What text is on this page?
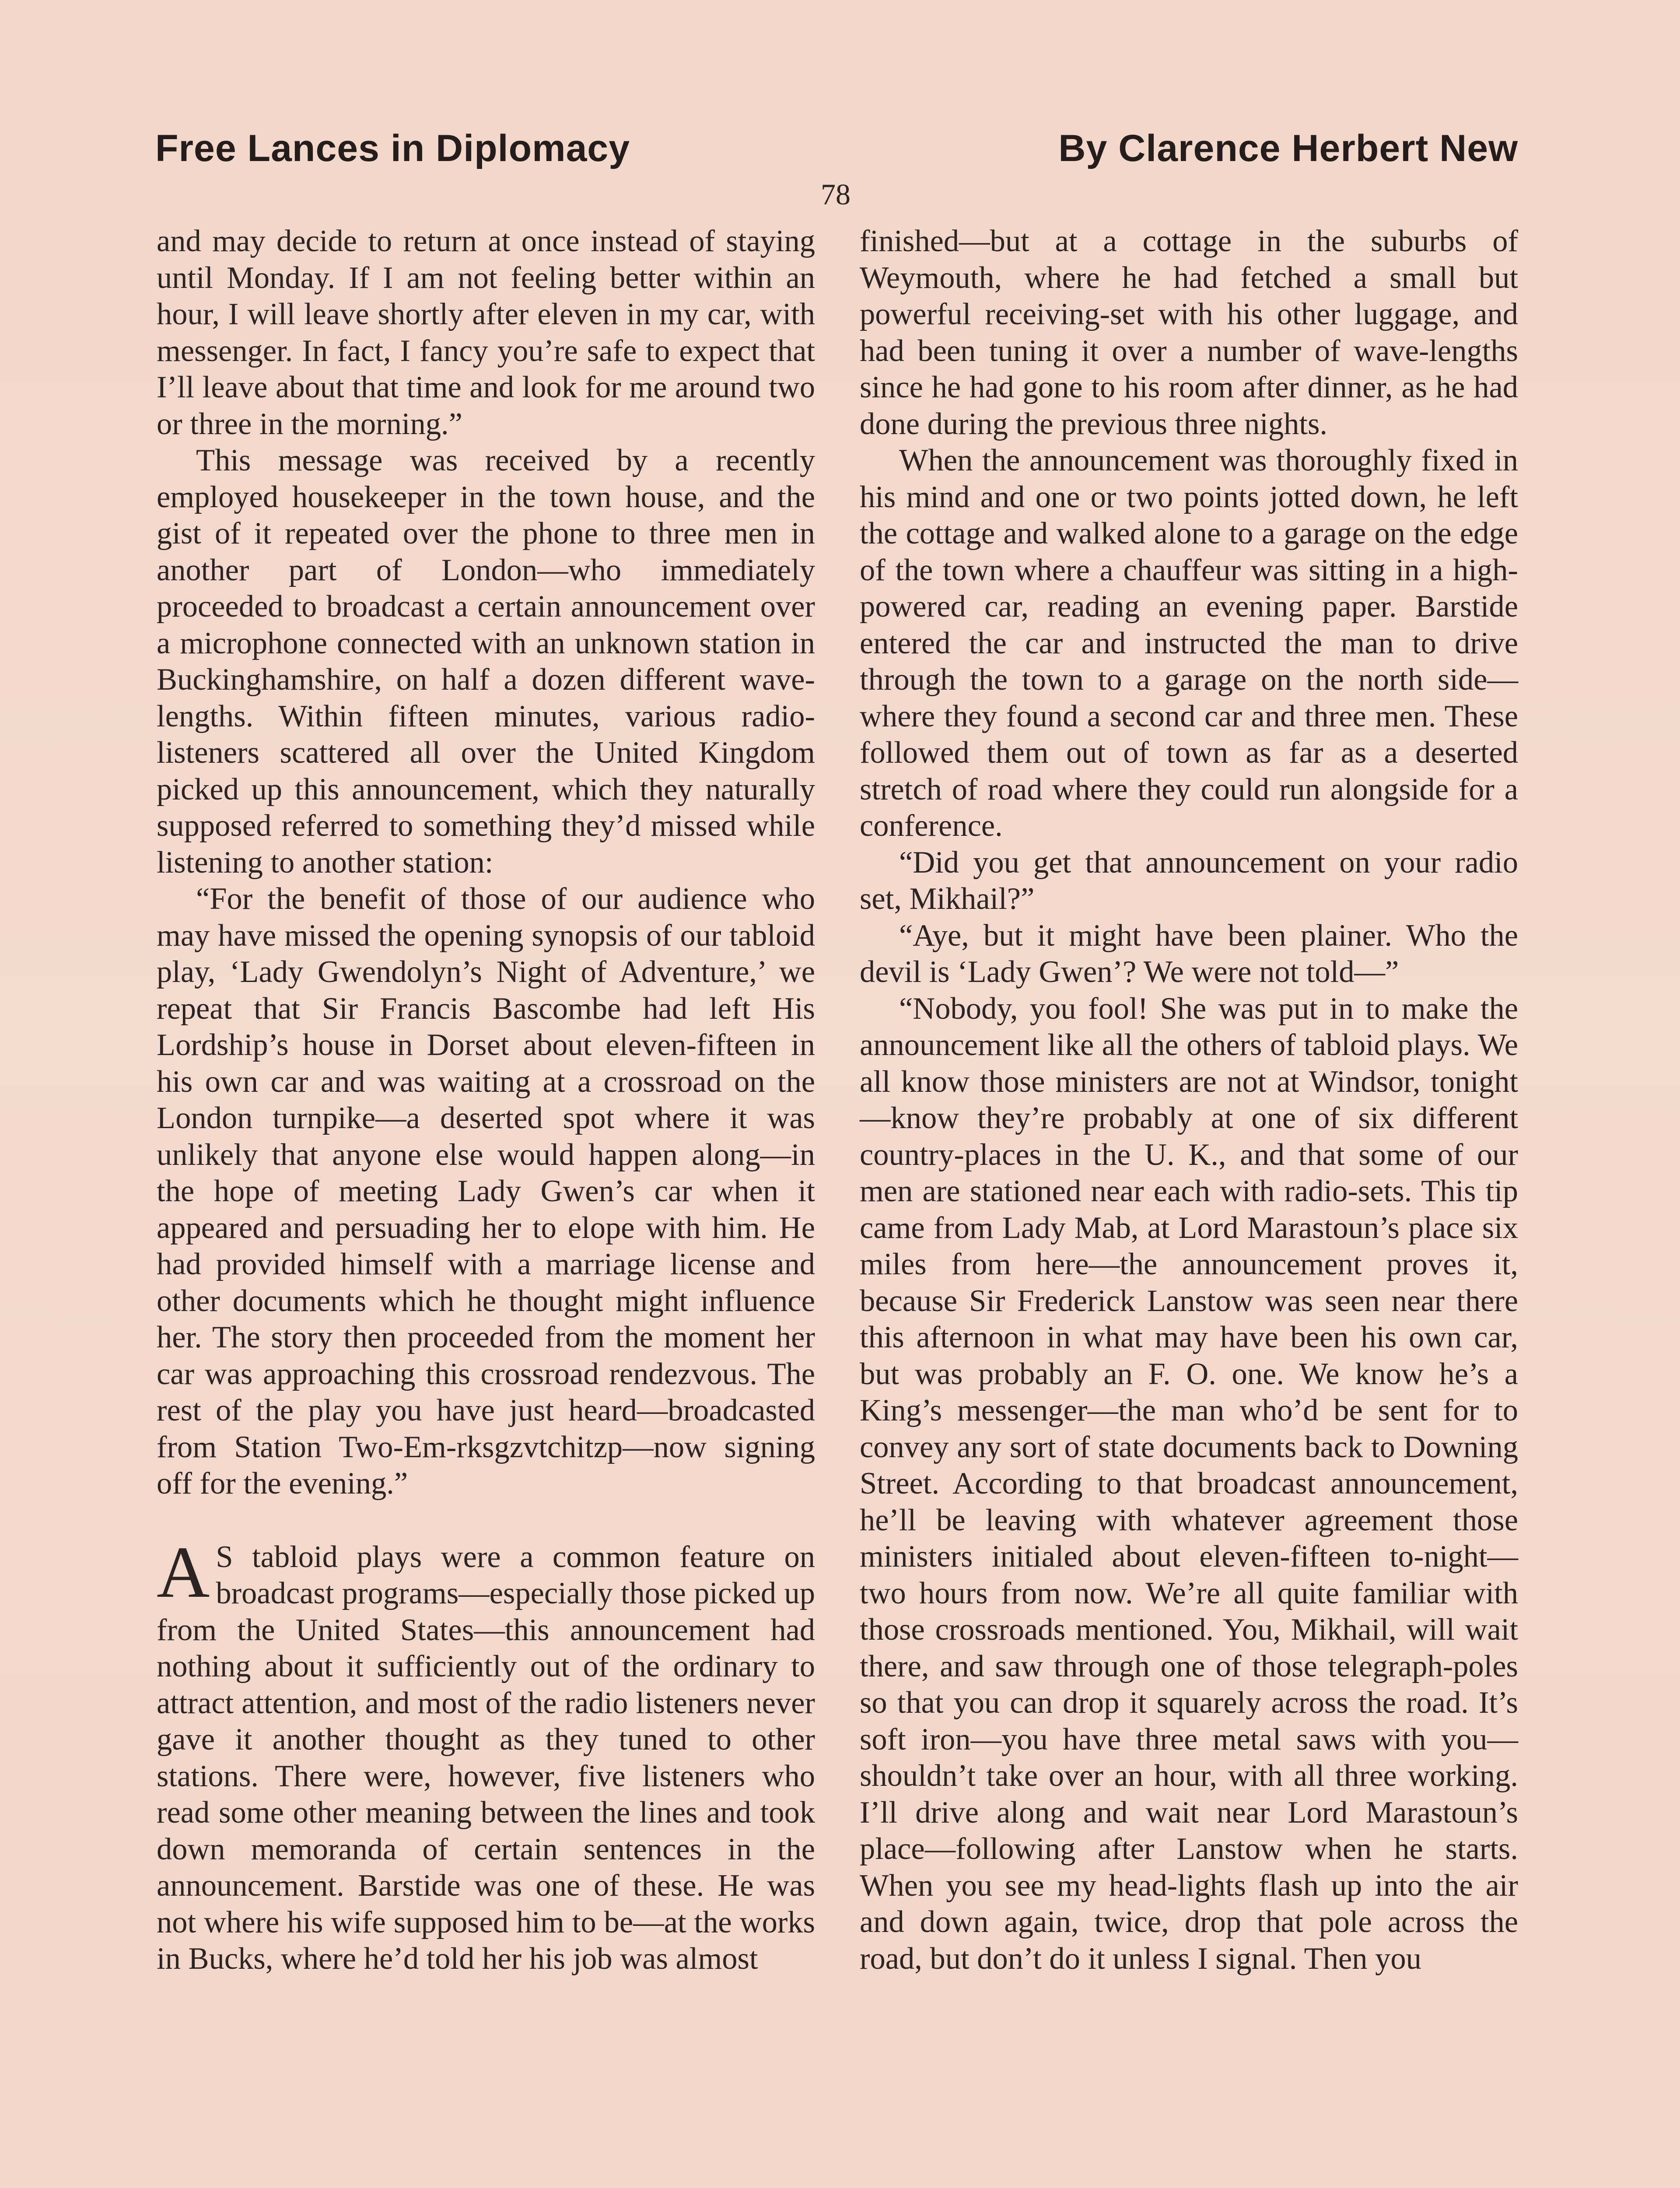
Free Lances in Diplomacy	By Clarence Herbert New
78

and may decide to return at once instead of staying until Monday. If I am not feeling better within an hour, I will leave shortly after eleven in my car, with messenger. In fact, I fancy you’re safe to expect that I’ll leave about that time and look for me around two or three in the morning.”

This message was received by a recently employed housekeeper in the town house, and the gist of it repeated over the phone to three men in another part of London—who immediately proceeded to broadcast a certain announcement over a microphone connected with an unknown station in Buckinghamshire, on half a dozen different wave-lengths. Within fifteen minutes, various radio-listeners scattered all over the United Kingdom picked up this announcement, which they naturally supposed referred to something they’d missed while listening to another station:

“For the benefit of those of our audience who may have missed the opening synopsis of our tabloid play, ‘Lady Gwendolyn’s Night of Adventure,’ we repeat that Sir Francis Bascombe had left His Lordship’s house in Dorset about eleven-fifteen in his own car and was waiting at a crossroad on the London turnpike—a deserted spot where it was unlikely that anyone else would happen along—in the hope of meeting Lady Gwen’s car when it appeared and persuading her to elope with him. He had provided himself with a marriage license and other documents which he thought might influence her. The story then proceeded from the moment her car was approaching this crossroad rendezvous. The rest of the play you have just heard—broadcasted from Station Two-Em-rksgzvtchitzp—now signing off for the evening.”

A S tabloid plays were a common feature on broadcast programs—especially those picked up from the United States—this announcement had nothing about it sufficiently out of the ordinary to attract attention, and most of the radio listeners never gave it another thought as they tuned to other stations. There were, however, five listeners who read some other meaning between the lines and took down memoranda of certain sentences in the announcement. Barstide was one of these. He was not where his wife supposed him to be—at the works in Bucks, where he’d told her his job was almost

finished—but at a cottage in the suburbs of Weymouth, where he had fetched a small but powerful receiving-set with his other luggage, and had been tuning it over a number of wave-lengths since he had gone to his room after dinner, as he had done during the previous three nights.

When the announcement was thoroughly fixed in his mind and one or two points jotted down, he left the cottage and walked alone to a garage on the edge of the town where a chauffeur was sitting in a high-powered car, reading an evening paper. Barstide entered the car and instructed the man to drive through the town to a garage on the north side—where they found a second car and three men. These followed them out of town as far as a deserted stretch of road where they could run alongside for a conference.

“Did you get that announcement on your radio set, Mikhail?”

“Aye, but it might have been plainer. Who the devil is ‘Lady Gwen’? We were not told—”

“Nobody, you fool! She was put in to make the announcement like all the others of tabloid plays. We all know those ministers are not at Windsor, tonight—know they’re probably at one of six different country-places in the U. K., and that some of our men are stationed near each with radio-sets. This tip came from Lady Mab, at Lord Marastoun’s place six miles from here—the announcement proves it, because Sir Frederick Lanstow was seen near there this afternoon in what may have been his own car, but was probably an F. O. one. We know he’s a King’s messenger—the man who’d be sent for to convey any sort of state documents back to Downing Street. According to that broadcast announcement, he’ll be leaving with whatever agreement those ministers initialed about eleven-fifteen to-night—two hours from now. We’re all quite familiar with those crossroads mentioned. You, Mikhail, will wait there, and saw through one of those telegraph-poles so that you can drop it squarely across the road. It’s soft iron—you have three metal saws with you—shouldn’t take over an hour, with all three working. I’ll drive along and wait near Lord Marastoun’s place—following after Lanstow when he starts. When you see my head-lights flash up into the air and down again, twice, drop that pole across the road, but don’t do it unless I signal. Then you
